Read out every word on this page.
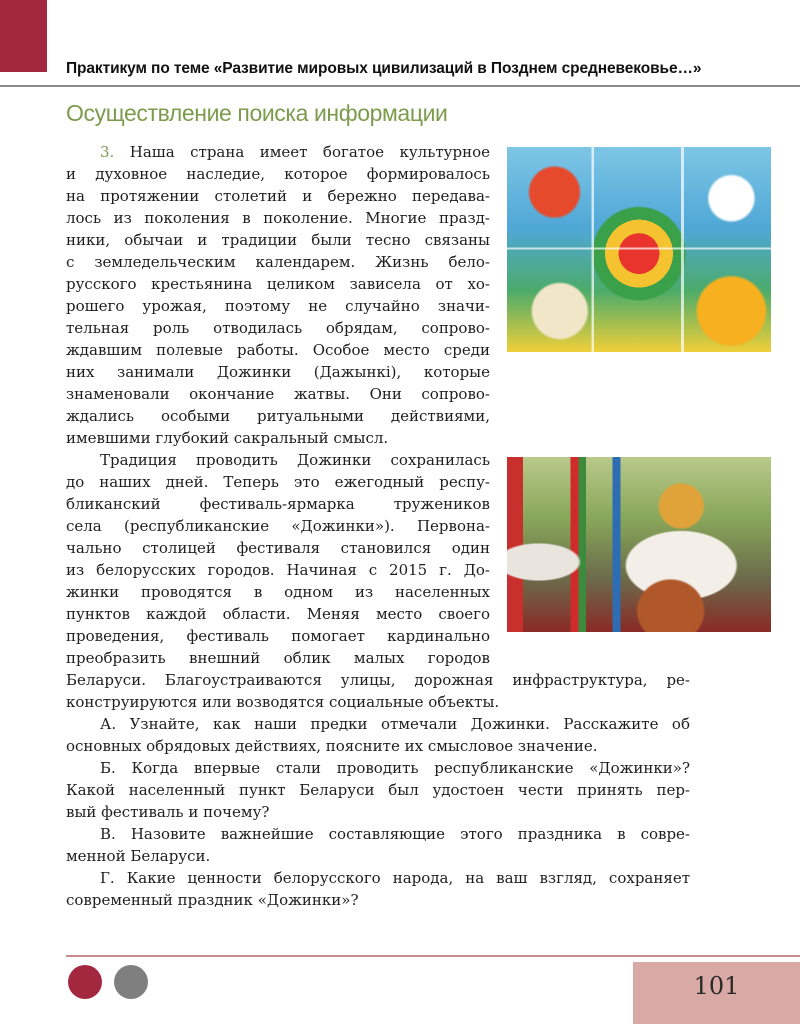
Практикум по теме «Развитие мировых цивилизаций в Позднем средневековье…»
Осуществление поиска информации
3. Наша страна имеет богатое культурное
и духовное наследие, которое формировалось
на протяжении столетий и бережно передава-
лось из поколения в поколение. Многие празд-
ники, обычаи и традиции были тесно связаны
с земледельческим календарем. Жизнь бело-
русского крестьянина целиком зависела от хо-
рошего урожая, поэтому не случайно значи-
тельная роль отводилась обрядам, сопрово-
ждавшим полевые работы. Особое место среди
них занимали Дожинки (Дажынкі), которые
знаменовали окончание жатвы. Они сопрово-
ждались особыми ритуальными действиями,
имевшими глубокий сакральный смысл.
Традиция проводить Дожинки сохранилась
до наших дней. Теперь это ежегодный респу-
бликанский фестиваль-ярмарка тружеников
села (республиканские «Дожинки»). Первона-
чально столицей фестиваля становился один
из белорусских городов. Начиная с 2015 г. До-
жинки проводятся в одном из населенных
пунктов каждой области. Меняя место своего
проведения, фестиваль помогает кардинально
преобразить внешний облик малых городов
Беларуси. Благоустраиваются улицы, дорожная инфраструктура, ре-
конструируются или возводятся социальные объекты.
А. Узнайте, как наши предки отмечали Дожинки. Расскажите об
основных обрядовых действиях, поясните их смысловое значение.
Б. Когда впервые стали проводить республиканские «Дожинки»?
Какой населенный пункт Беларуси был удостоен чести принять пер-
вый фестиваль и почему?
В. Назовите важнейшие составляющие этого праздника в совре-
менной Беларуси.
Г. Какие ценности белорусского народа, на ваш взгляд, сохраняет
современный праздник «Дожинки»?
101
